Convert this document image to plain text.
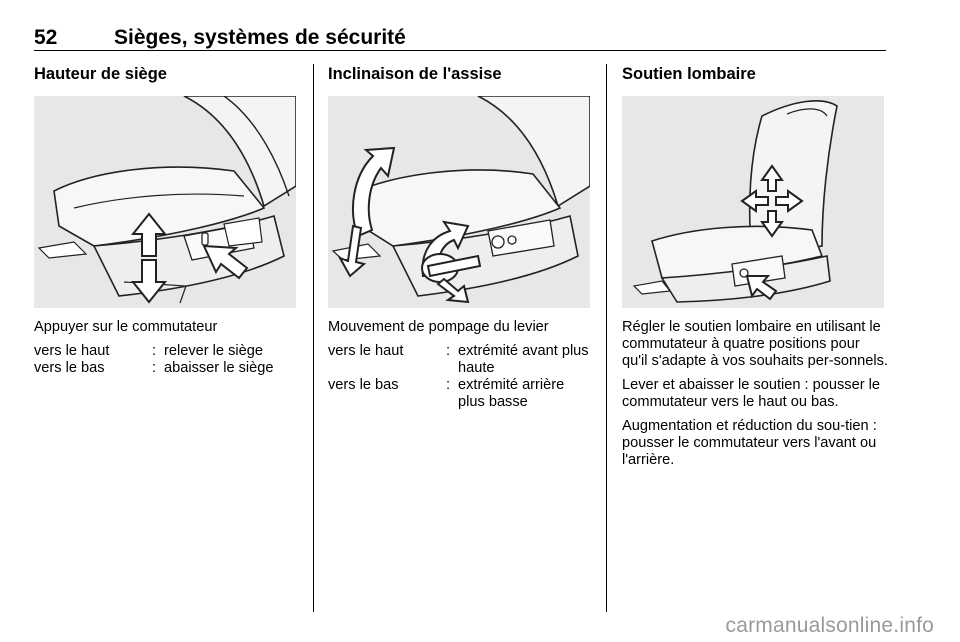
52	Sièges, systèmes de sécurité
Hauteur de siège

Appuyer sur le commutateur

vers le haut	:	relever le siège
vers le bas	:	abaisser le siège
Inclinaison de l'assise

Mouvement de pompage du levier

vers le haut	:	extrémité avant plus haute
vers le bas	:	extrémité arrière plus basse
Soutien lombaire

Régler le soutien lombaire en utilisant le commutateur à quatre positions pour qu'il s'adapte à vos souhaits per-sonnels.

Lever et abaisser le soutien : pousser le commutateur vers le haut ou bas.

Augmentation et réduction du sou-tien : pousser le commutateur vers l'avant ou l'arrière.

carmanualsonline.info
